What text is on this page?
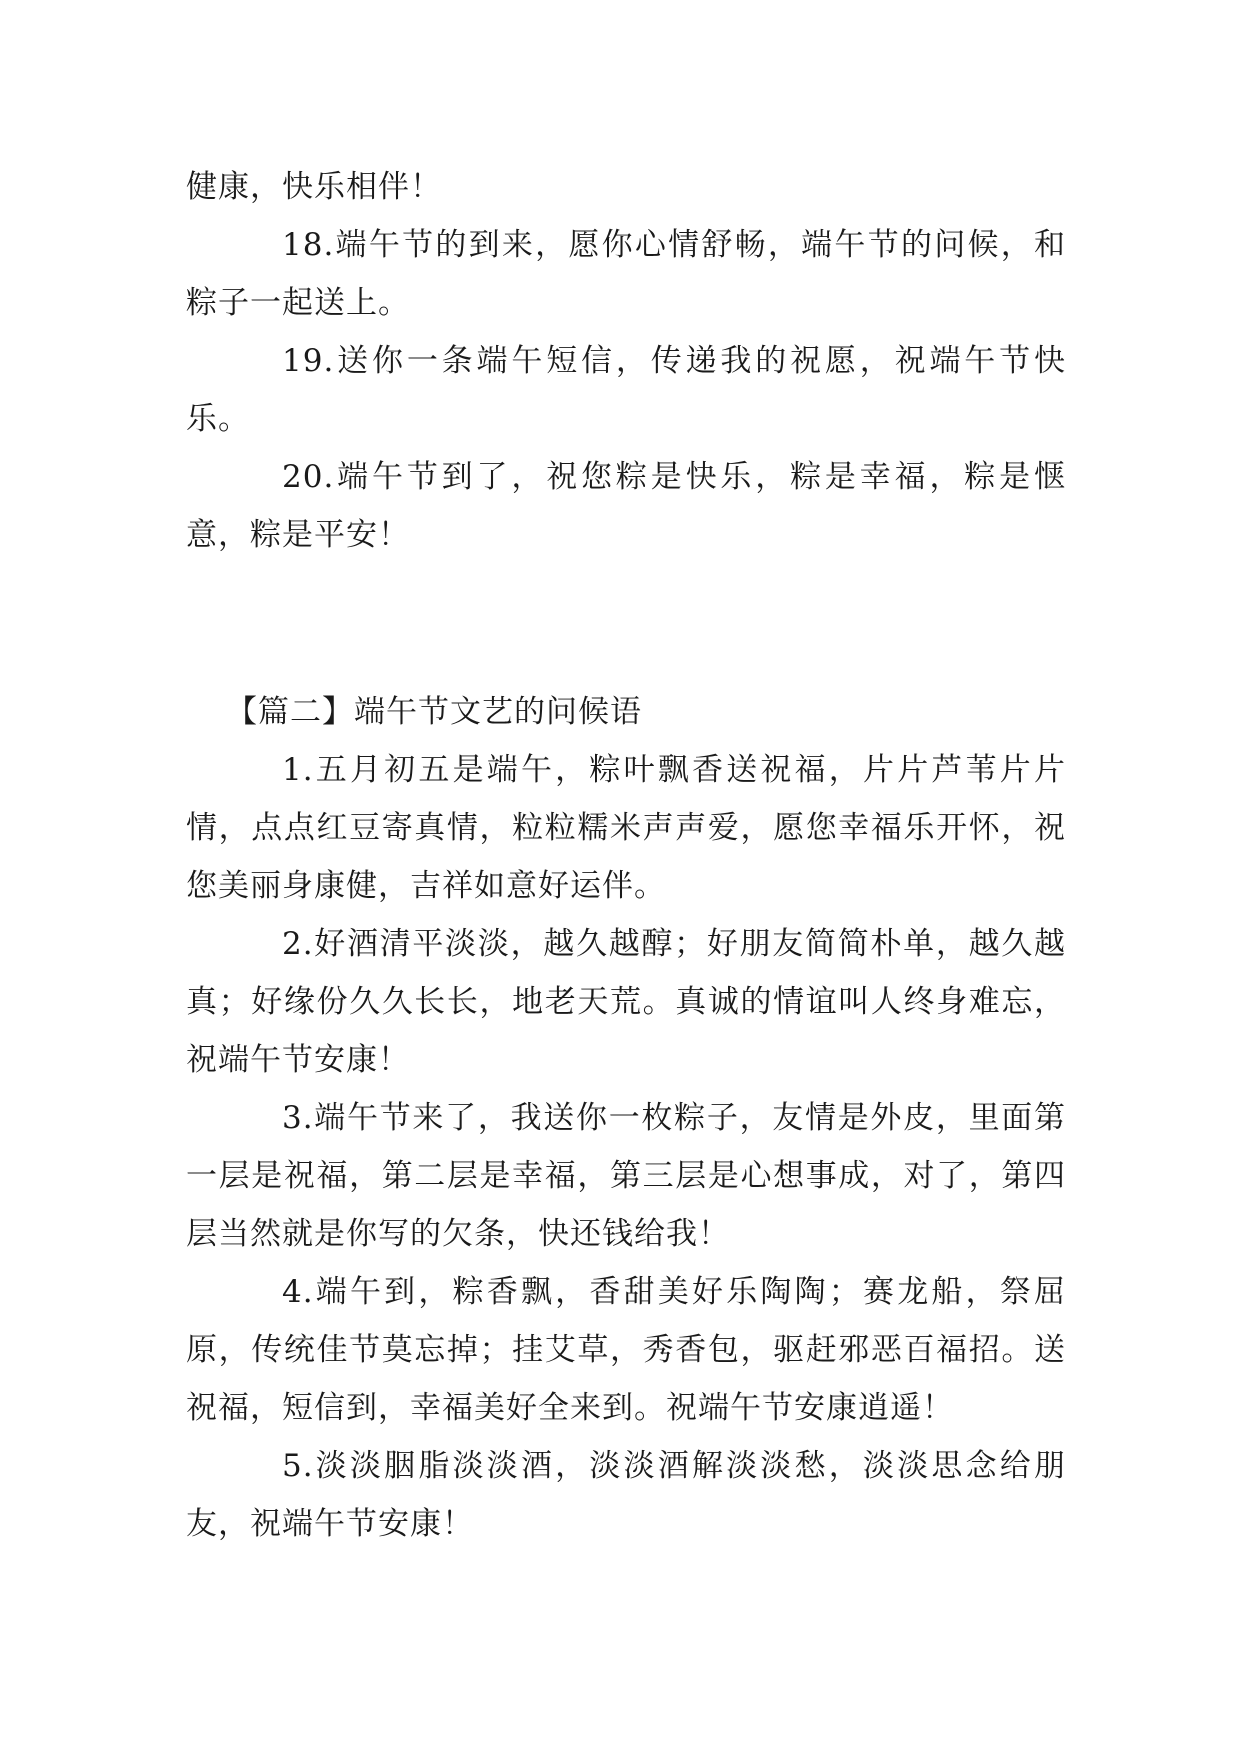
健康，快乐相伴！

18.端午节的到来，愿你心情舒畅，端午节的问候，和粽子一起送上。

19.送你一条端午短信，传递我的祝愿，祝端午节快乐。

20.端午节到了，祝您粽是快乐，粽是幸福，粽是惬意，粽是平安！

【篇二】端午节文艺的问候语

1.五月初五是端午，粽叶飘香送祝福，片片芦苇片片情，点点红豆寄真情，粒粒糯米声声爱，愿您幸福乐开怀，祝您美丽身康健，吉祥如意好运伴。

2.好酒清平淡淡，越久越醇；好朋友简简朴单，越久越真；好缘份久久长长，地老天荒。真诚的情谊叫人终身难忘，祝端午节安康！

3.端午节来了，我送你一枚粽子，友情是外皮，里面第一层是祝福，第二层是幸福，第三层是心想事成，对了，第四层当然就是你写的欠条，快还钱给我！

4.端午到，粽香飘，香甜美好乐陶陶；赛龙船，祭屈原，传统佳节莫忘掉；挂艾草，秀香包，驱赶邪恶百福招。送祝福，短信到，幸福美好全来到。祝端午节安康逍遥！

5.淡淡胭脂淡淡酒，淡淡酒解淡淡愁，淡淡思念给朋友，祝端午节安康！
